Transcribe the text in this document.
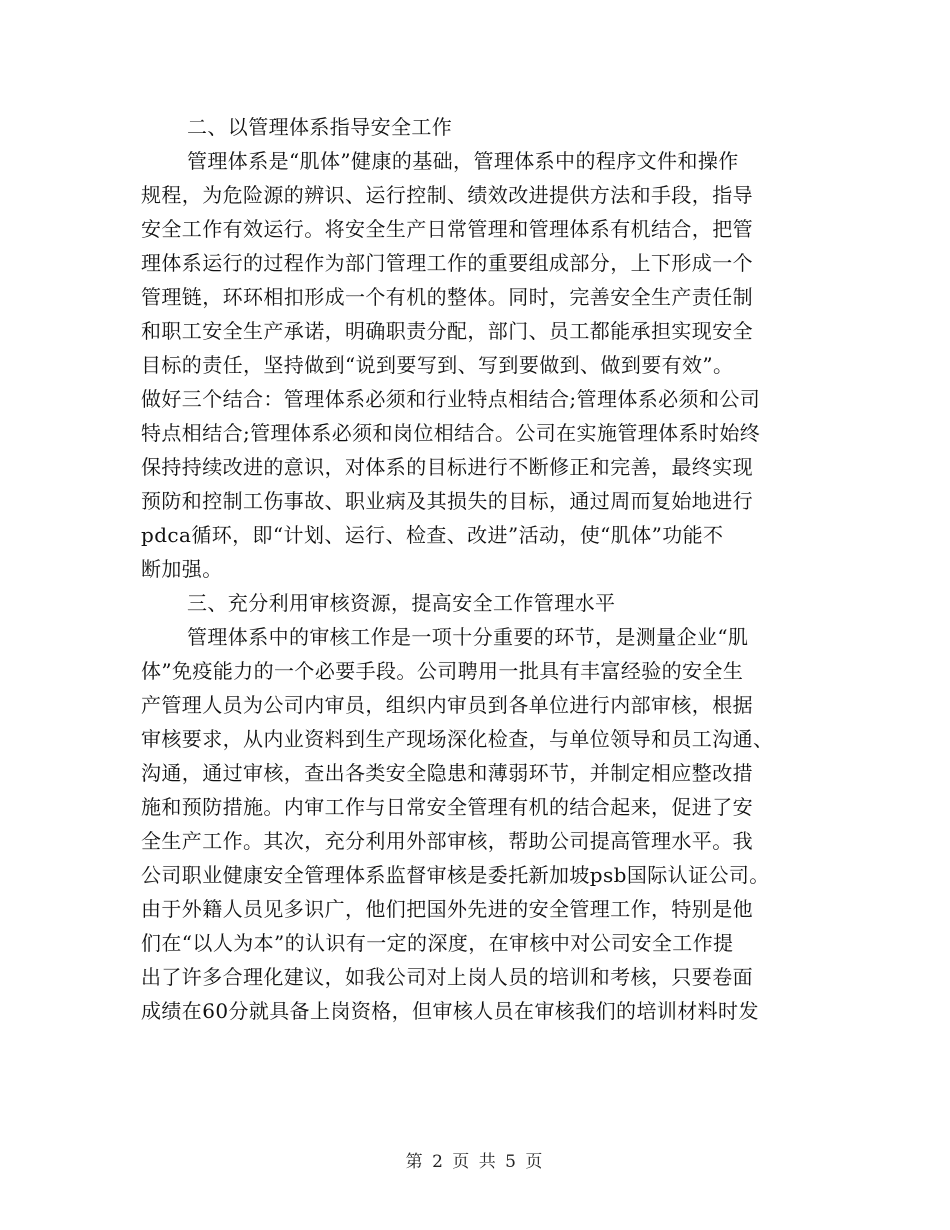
二、以管理体系指导安全工作
管理体系是“肌体”健康的基础，管理体系中的程序文件和操作
规程，为危险源的辨识、运行控制、绩效改进提供方法和手段，指导
安全工作有效运行。将安全生产日常管理和管理体系有机结合，把管
理体系运行的过程作为部门管理工作的重要组成部分，上下形成一个
管理链，环环相扣形成一个有机的整体。同时，完善安全生产责任制
和职工安全生产承诺，明确职责分配，部门、员工都能承担实现安全
目标的责任，坚持做到“说到要写到、写到要做到、做到要有效”。
做好三个结合：管理体系必须和行业特点相结合;管理体系必须和公司
特点相结合;管理体系必须和岗位相结合。公司在实施管理体系时始终
保持持续改进的意识，对体系的目标进行不断修正和完善，最终实现
预防和控制工伤事故、职业病及其损失的目标，通过周而复始地进行
pdca循环，即“计划、运行、检查、改进”活动，使“肌体”功能不
断加强。
三、充分利用审核资源，提高安全工作管理水平
管理体系中的审核工作是一项十分重要的环节，是测量企业“肌
体”免疫能力的一个必要手段。公司聘用一批具有丰富经验的安全生
产管理人员为公司内审员，组织内审员到各单位进行内部审核，根据
审核要求，从内业资料到生产现场深化检查，与单位领导和员工沟通、
沟通，通过审核，查出各类安全隐患和薄弱环节，并制定相应整改措
施和预防措施。内审工作与日常安全管理有机的结合起来，促进了安
全生产工作。其次，充分利用外部审核，帮助公司提高管理水平。我
公司职业健康安全管理体系监督审核是委托新加坡psb国际认证公司。
由于外籍人员见多识广，他们把国外先进的安全管理工作，特别是他
们在“以人为本”的认识有一定的深度，在审核中对公司安全工作提
出了许多合理化建议，如我公司对上岗人员的培训和考核，只要卷面
成绩在60分就具备上岗资格，但审核人员在审核我们的培训材料时发
第 2 页 共 5 页
